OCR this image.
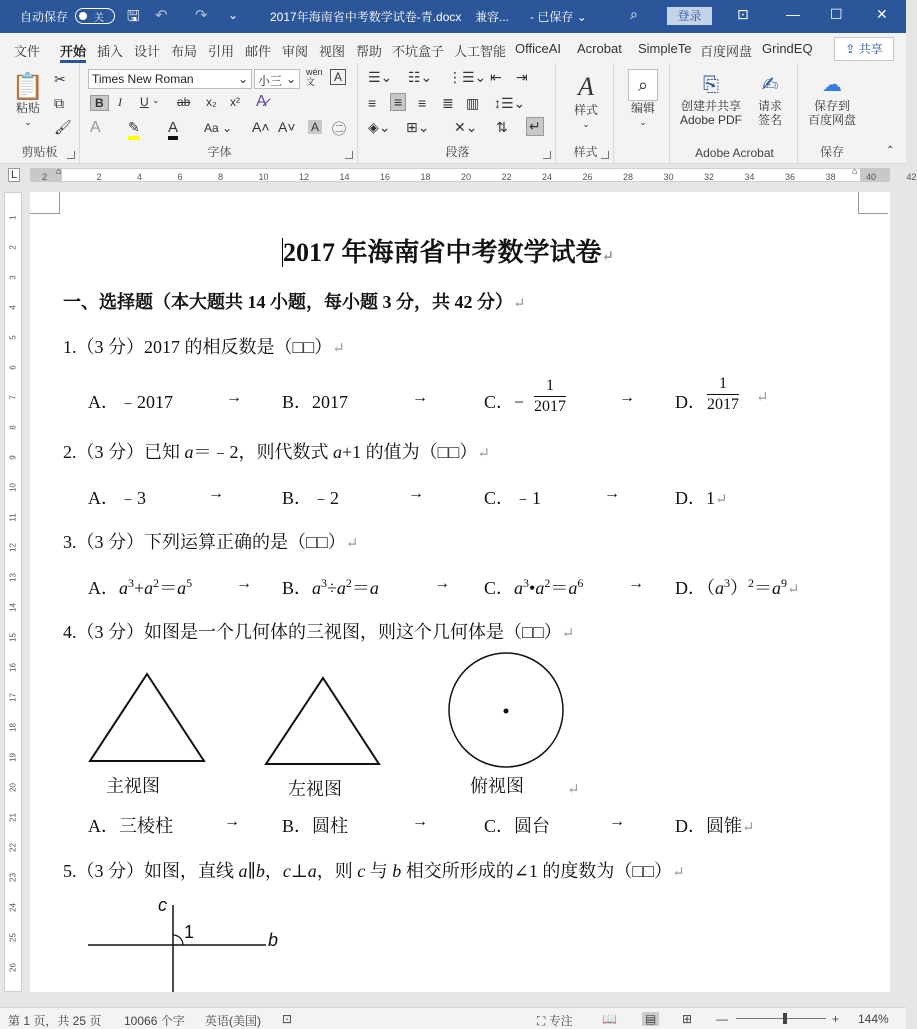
自动保存	关 🖫 ↶ ↷ ⌄	2017年海南省中考数学试卷-青.docx 兼容... - 已保存 ⌄	⌕	登录	⊡	— ☐ ✕
文件 开始 插入 设计 布局 引用 邮件 审阅 视图 帮助 不坑盒子 人工智能 OfficeAI Acrobat SimpleTe 百度网盘 GrindEQ	⇪ 共享
📋
粘贴
⌄
✂
⧉
🖌
剪贴板
Times New Roman	⌄ 小三 ⌄ wén
文	A
B	I U ⌄ ab x₂ x² A̷
A ✎ A Aa ⌄ A˄ A˅ A ㊁
字体
☰⌄ ☷⌄ ⋮☰⌄ ⇤ ⇥
≡ ≡ ≡ ≣ ▥ ↕☰⌄
◈⌄ ⊞⌄ ✕⌄ ⇅ ↵
段落
A
样式
⌄
样式
⌕
编辑
⌄
⎘
创建并共享
Adobe PDF
✍
请求
签名
Adobe Acrobat
☁
保存到
百度网盘
保存	⌃
L	⌂	⌂
2	2	4	6	8	10	12	14	16	18	20	22	24	26	28	30	32	34	36	38	40	42
1
2
3
4
5
6
7
8
9
10
11
12
13
14
15
16
17
18
19
20
21
22
23
24
25
26
2017 年海南省中考数学试卷↵
一、选择题（本大题共 14 小题，每小题 3 分，共 42 分）↵
1.（3 分）2017 的相反数是（□□）↵
A．﹣2017	→ B．2017	→	C．− $\frac{1}{2017}$	→ D． $\frac{1}{2017}$ ↵
2.（3 分）已知 a＝﹣2，则代数式 a+1 的值为（□□）↵
A．﹣3	→	B．﹣2	→	C．﹣1	→	D．1↵
3.（3 分）下列运算正确的是（□□）↵
A．$a^3+a^2=a^5$	→ B．$a^3\div a^2=a$	→ C．$a^3•a^2=a^6$	→ D．$(a^3)^2=a^9↵$
4.（3 分）如图是一个几何体的三视图，则这个几何体是（□□）↵
主视图	左视图	俯视图	↵
A．三棱柱	→ B．圆柱	→	C．圆台	→	D．圆锥↵
5.（3 分）如图，直线 a∥b，c⊥a，则 c 与 b 相交所形成的∠1 的度数为（□□）↵
c
1	b
第 1 页，共 25 页 10066 个字 英语(美国) ⊡	⛶ 专注 📖 ▤ ⊞ —	+ 144%
